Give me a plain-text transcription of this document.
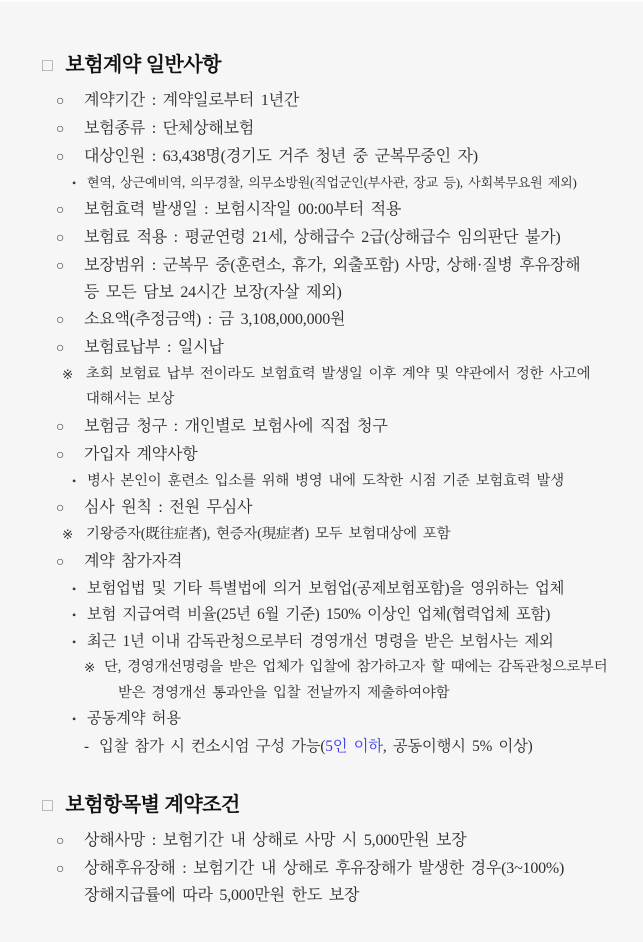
□ 보험계약 일반사항
○	계약기간 : 계약일로부터 1년간
○	보험종류 : 단체상해보험
○	대상인원 : 63,438명(경기도 거주 청년 중 군복무중인 자)
• 현역, 상근예비역, 의무경찰, 의무소방원(직업군인(부사관, 장교 등), 사회복무요원 제외)
○	보험효력 발생일 : 보험시작일 00:00부터 적용
○	보험료 적용 : 평균연령 21세, 상해급수 2급(상해급수 임의판단 불가)
○	보장범위 : 군복무 중(훈련소, 휴가, 외출포함) 사망, 상해·질병 후유장해
등 모든 담보 24시간 보장(자살 제외)
○	소요액(추정금액) : 금 3,108,000,000원
○	보험료납부 : 일시납
※ 초회 보험료 납부 전이라도 보험효력 발생일 이후 계약 및 약관에서 정한 사고에
대해서는 보상
○	보험금 청구 : 개인별로 보험사에 직접 청구
○	가입자 계약사항
• 병사 본인이 훈련소 입소를 위해 병영 내에 도착한 시점 기준 보험효력 발생
○	심사 원칙 : 전원 무심사
※ 기왕증자(既往症者), 현증자(現症者) 모두 보험대상에 포함
○	계약 참가자격
• 보험업법 및 기타 특별법에 의거 보험업(공제보험포함)을 영위하는 업체
• 보험 지급여력 비율(25년 6월 기준) 150% 이상인 업체(협력업체 포함)
• 최근 1년 이내 감독관청으로부터 경영개선 명령을 받은 보험사는 제외
※ 단, 경영개선명령을 받은 업체가 입찰에 참가하고자 할 때에는 감독관청으로부터
받은 경영개선 통과안을 입찰 전날까지 제출하여야함
• 공동계약 허용
- 입찰 참가 시 컨소시엄 구성 가능(5인 이하, 공동이행시 5% 이상)
□ 보험항목별 계약조건
○	상해사망 : 보험기간 내 상해로 사망 시 5,000만원 보장
○	상해후유장해 : 보험기간 내 상해로 후유장해가 발생한 경우(3~100%)
장해지급률에 따라 5,000만원 한도 보장
